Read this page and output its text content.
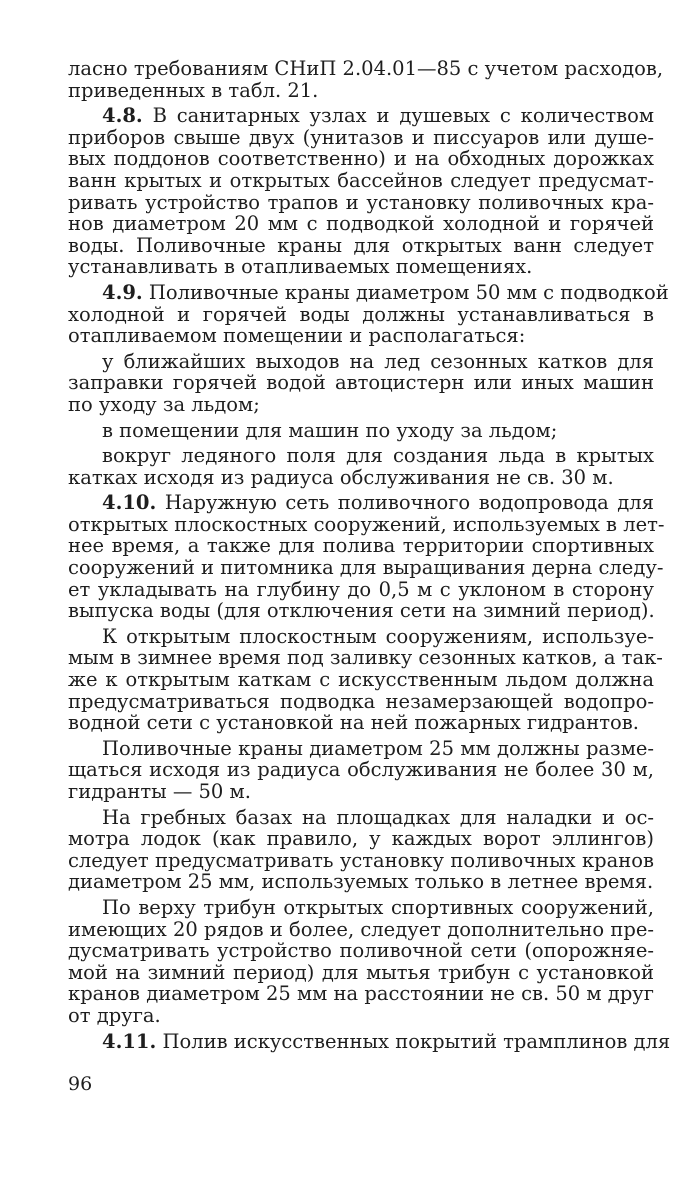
ласно требованиям СНиП 2.04.01—85 с учетом расходов,
приведенных в табл. 21.
4.8. В санитарных узлах и душевых с количеством
приборов свыше двух (унитазов и писсуаров или душе-
вых поддонов соответственно) и на обходных дорожках
ванн крытых и открытых бассейнов следует предусмат-
ривать устройство трапов и установку поливочных кра-
нов диаметром 20 мм с подводкой холодной и горячей
воды. Поливочные краны для открытых ванн следует
устанавливать в отапливаемых помещениях.
4.9. Поливочные краны диаметром 50 мм с подводкой
холодной и горячей воды должны устанавливаться в
отапливаемом помещении и располагаться:
у ближайших выходов на лед сезонных катков для
заправки горячей водой автоцистерн или иных машин
по уходу за льдом;
в помещении для машин по уходу за льдом;
вокруг ледяного поля для создания льда в крытых
катках исходя из радиуса обслуживания не св. 30 м.
4.10. Наружную сеть поливочного водопровода для
открытых плоскостных сооружений, используемых в лет-
нее время, а также для полива территории спортивных
сооружений и питомника для выращивания дерна следу-
ет укладывать на глубину до 0,5 м с уклоном в сторону
выпуска воды (для отключения сети на зимний период).
К открытым плоскостным сооружениям, используе-
мым в зимнее время под заливку сезонных катков, а так-
же к открытым каткам с искусственным льдом должна
предусматриваться подводка незамерзающей водопро-
водной сети с установкой на ней пожарных гидрантов.
Поливочные краны диаметром 25 мм должны разме-
щаться исходя из радиуса обслуживания не более 30 м,
гидранты — 50 м.
На гребных базах на площадках для наладки и ос-
мотра лодок (как правило, у каждых ворот эллингов)
следует предусматривать установку поливочных кранов
диаметром 25 мм, используемых только в летнее время.
По верху трибун открытых спортивных сооружений,
имеющих 20 рядов и более, следует дополнительно пре-
дусматривать устройство поливочной сети (опорожняе-
мой на зимний период) для мытья трибун с установкой
кранов диаметром 25 мм на расстоянии не св. 50 м друг
от друга.
4.11. Полив искусственных покрытий трамплинов для
96
